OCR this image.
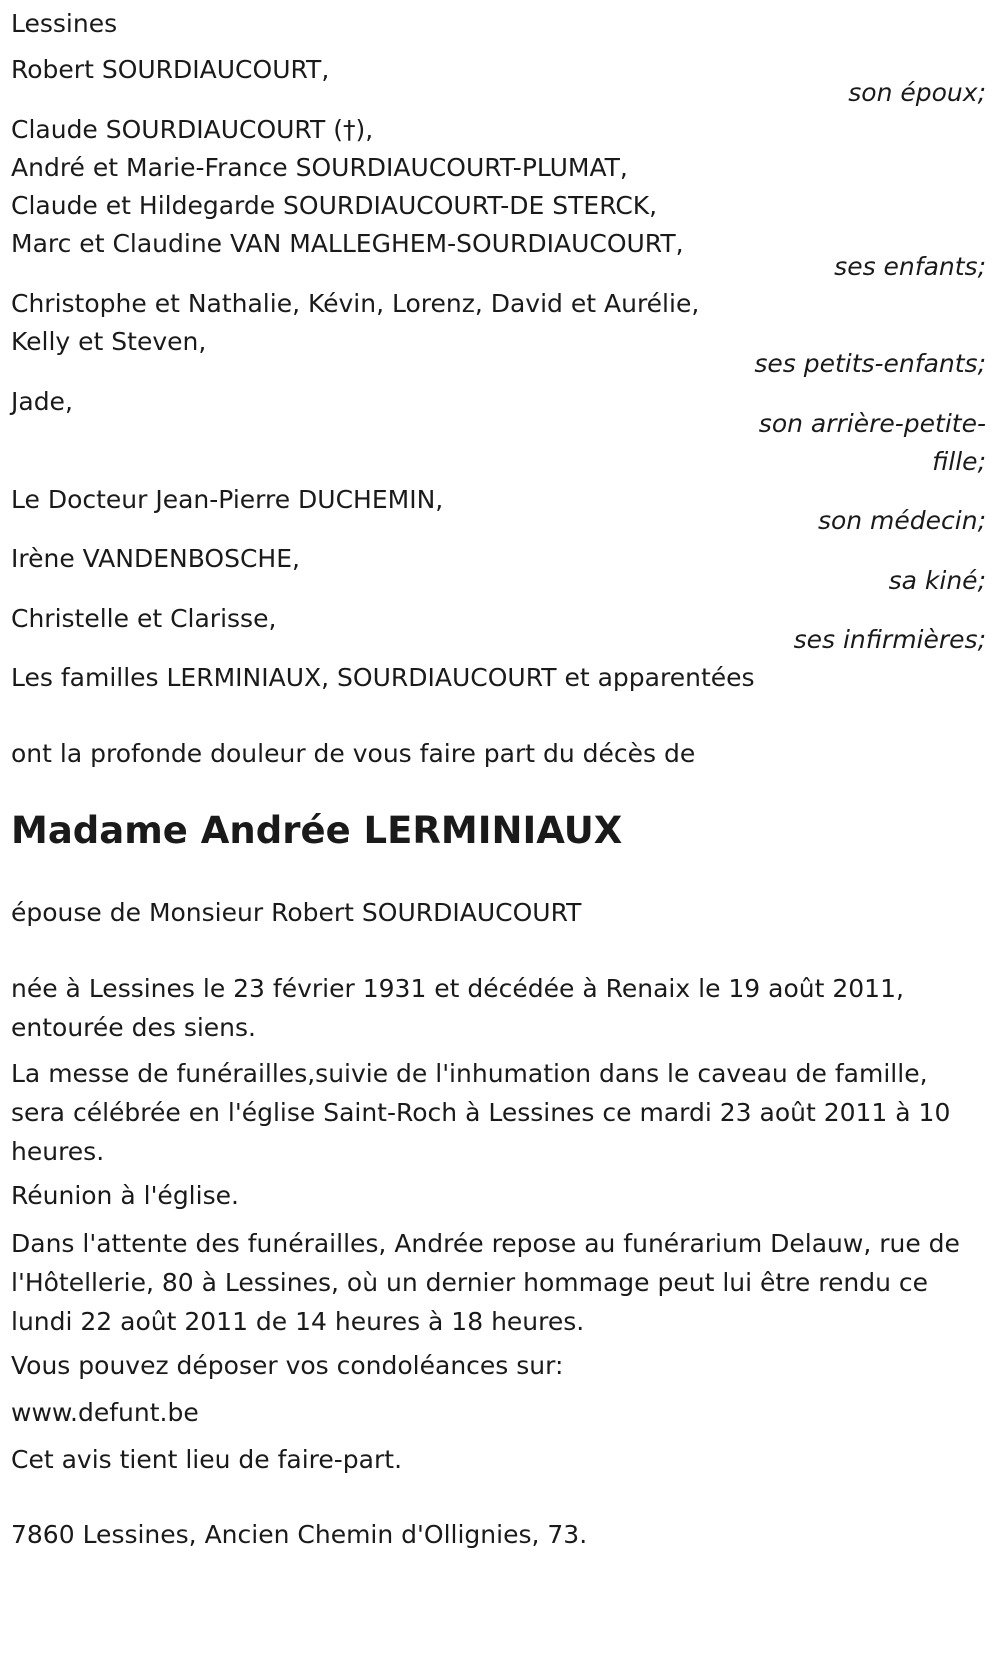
Lessines
Robert SOURDIAUCOURT,
son époux;
Claude SOURDIAUCOURT (†),
André et Marie-France SOURDIAUCOURT-PLUMAT,
Claude et Hildegarde SOURDIAUCOURT-DE STERCK,
Marc et Claudine VAN MALLEGHEM-SOURDIAUCOURT,
ses enfants;
Christophe et Nathalie, Kévin, Lorenz, David et Aurélie,
Kelly et Steven,
ses petits-enfants;
Jade,
son arrière-petite-
fille;
Le Docteur Jean-Pierre DUCHEMIN,
son médecin;
Irène VANDENBOSCHE,
sa kiné;
Christelle et Clarisse,
ses infirmières;
Les familles LERMINIAUX, SOURDIAUCOURT et apparentées
ont la profonde douleur de vous faire part du décès de
Madame Andrée LERMINIAUX
épouse de Monsieur Robert SOURDIAUCOURT
née à Lessines le 23 février 1931 et décédée à Renaix le 19 août 2011, entourée des siens.
La messe de funérailles,suivie de l'inhumation dans le caveau de famille, sera célébrée en l'église Saint-Roch à Lessines ce mardi 23 août 2011 à 10 heures.
Réunion à l'église.
Dans l'attente des funérailles, Andrée repose au funérarium Delauw, rue de l'Hôtellerie, 80 à Lessines, où un dernier hommage peut lui être rendu ce lundi 22 août 2011 de 14 heures à 18 heures.
Vous pouvez déposer vos condoléances sur:
www.defunt.be
Cet avis tient lieu de faire-part.
7860 Lessines, Ancien Chemin d'Ollignies, 73.
